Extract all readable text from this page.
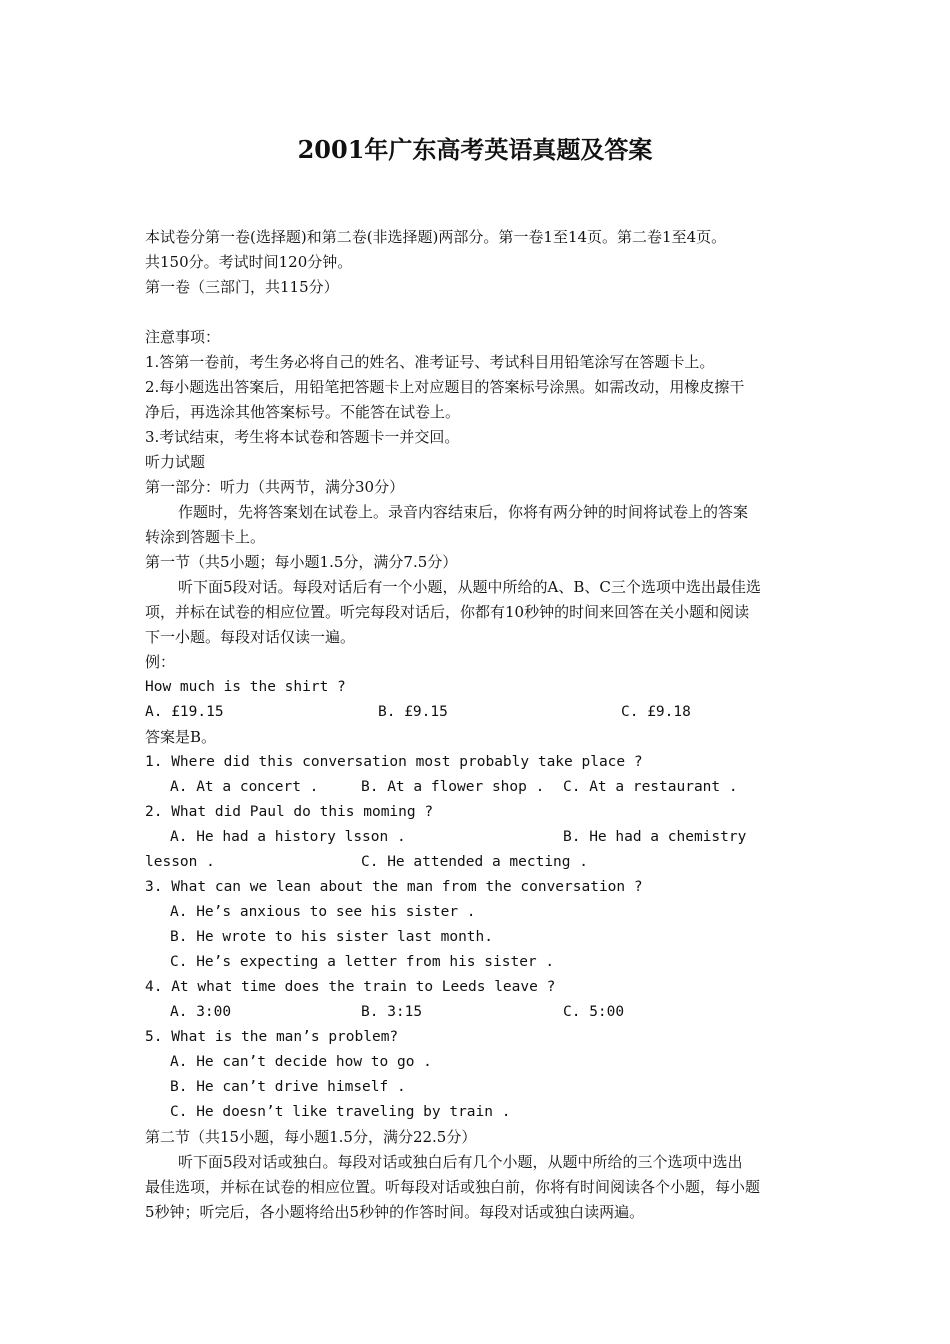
2001年广东高考英语真题及答案
本试卷分第一卷(选择题)和第二卷(非选择题)两部分。第一卷1至14页。第二卷1至4页。
共150分。考试时间120分钟。
第一卷（三部门，共115分）
注意事项：
1.答第一卷前，考生务必将自己的姓名、准考证号、考试科目用铅笔涂写在答题卡上。
2.每小题选出答案后，用铅笔把答题卡上对应题目的答案标号涂黑。如需改动，用橡皮擦干
净后，再选涂其他答案标号。不能答在试卷上。
3.考试结束，考生将本试卷和答题卡一并交回。
听力试题
第一部分：听力（共两节，满分30分）
作题时，先将答案划在试卷上。录音内容结束后，你将有两分钟的时间将试卷上的答案
转涂到答题卡上。
第一节（共5小题；每小题1.5分，满分7.5分）
听下面5段对话。每段对话后有一个小题，从题中所给的A、B、C三个选项中选出最佳选
项，并标在试卷的相应位置。听完每段对话后，你都有10秒钟的时间来回答在关小题和阅读
下一小题。每段对话仅读一遍。
例：
How much is the shirt ?
A. £19.15	B. £9.15	C. £9.18
答案是B。
1. Where did this conversation most probably take place ?
A. At a concert .	B. At a flower shop . C. At a restaurant .
2. What did Paul do this moming ?
A. He had a history lsson .	B. He had a chemistry
lesson .	C. He attended a mecting .
3. What can we lean about the man from the conversation ?
A. He’s anxious to see his sister .
B. He wrote to his sister last month.
C. He’s expecting a letter from his sister .
4. At what time does the train to Leeds leave ?
A. 3:00	B. 3:15	C. 5:00
5. What is the man’s problem?
A. He can’t decide how to go .
B. He can’t drive himself .
C. He doesn’t like traveling by train .
第二节（共15小题，每小题1.5分，满分22.5分）
听下面5段对话或独白。每段对话或独白后有几个小题，从题中所给的三个选项中选出
最佳选项，并标在试卷的相应位置。听每段对话或独白前，你将有时间阅读各个小题，每小题
5秒钟；听完后，各小题将给出5秒钟的作答时间。每段对话或独白读两遍。
